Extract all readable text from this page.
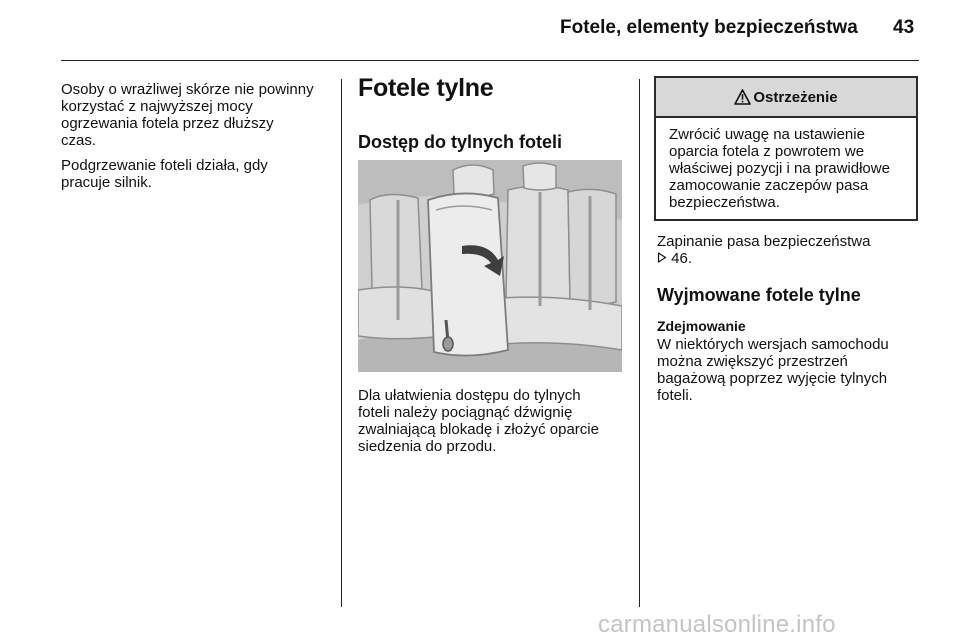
Fotele, elementy bezpieczeństwa 43

Osoby o wrażliwej skórze nie powinny
korzystać z najwyższej mocy
ogrzewania fotela przez dłuższy
czas.

Podgrzewanie foteli działa, gdy
pracuje silnik.

Fotele tylne
Dostęp do tylnych foteli
Dla ułatwienia dostępu do tylnych
foteli należy pociągnąć dźwignię
zwalniającą blokadę i złożyć oparcie
siedzenia do przodu.
Ostrzeżenie
Zwrócić uwagę na ustawienie
oparcia fotela z powrotem we
właściwej pozycji i na prawidłowe
zamocowanie zaczepów pasa
bezpieczeństwa.
Zapinanie pasa bezpieczeństwa
46.
Wyjmowane fotele tylne
Zdejmowanie
W niektórych wersjach samochodu
można zwiększyć przestrzeń
bagażową poprzez wyjęcie tylnych
foteli.
carmanualsonline.info
